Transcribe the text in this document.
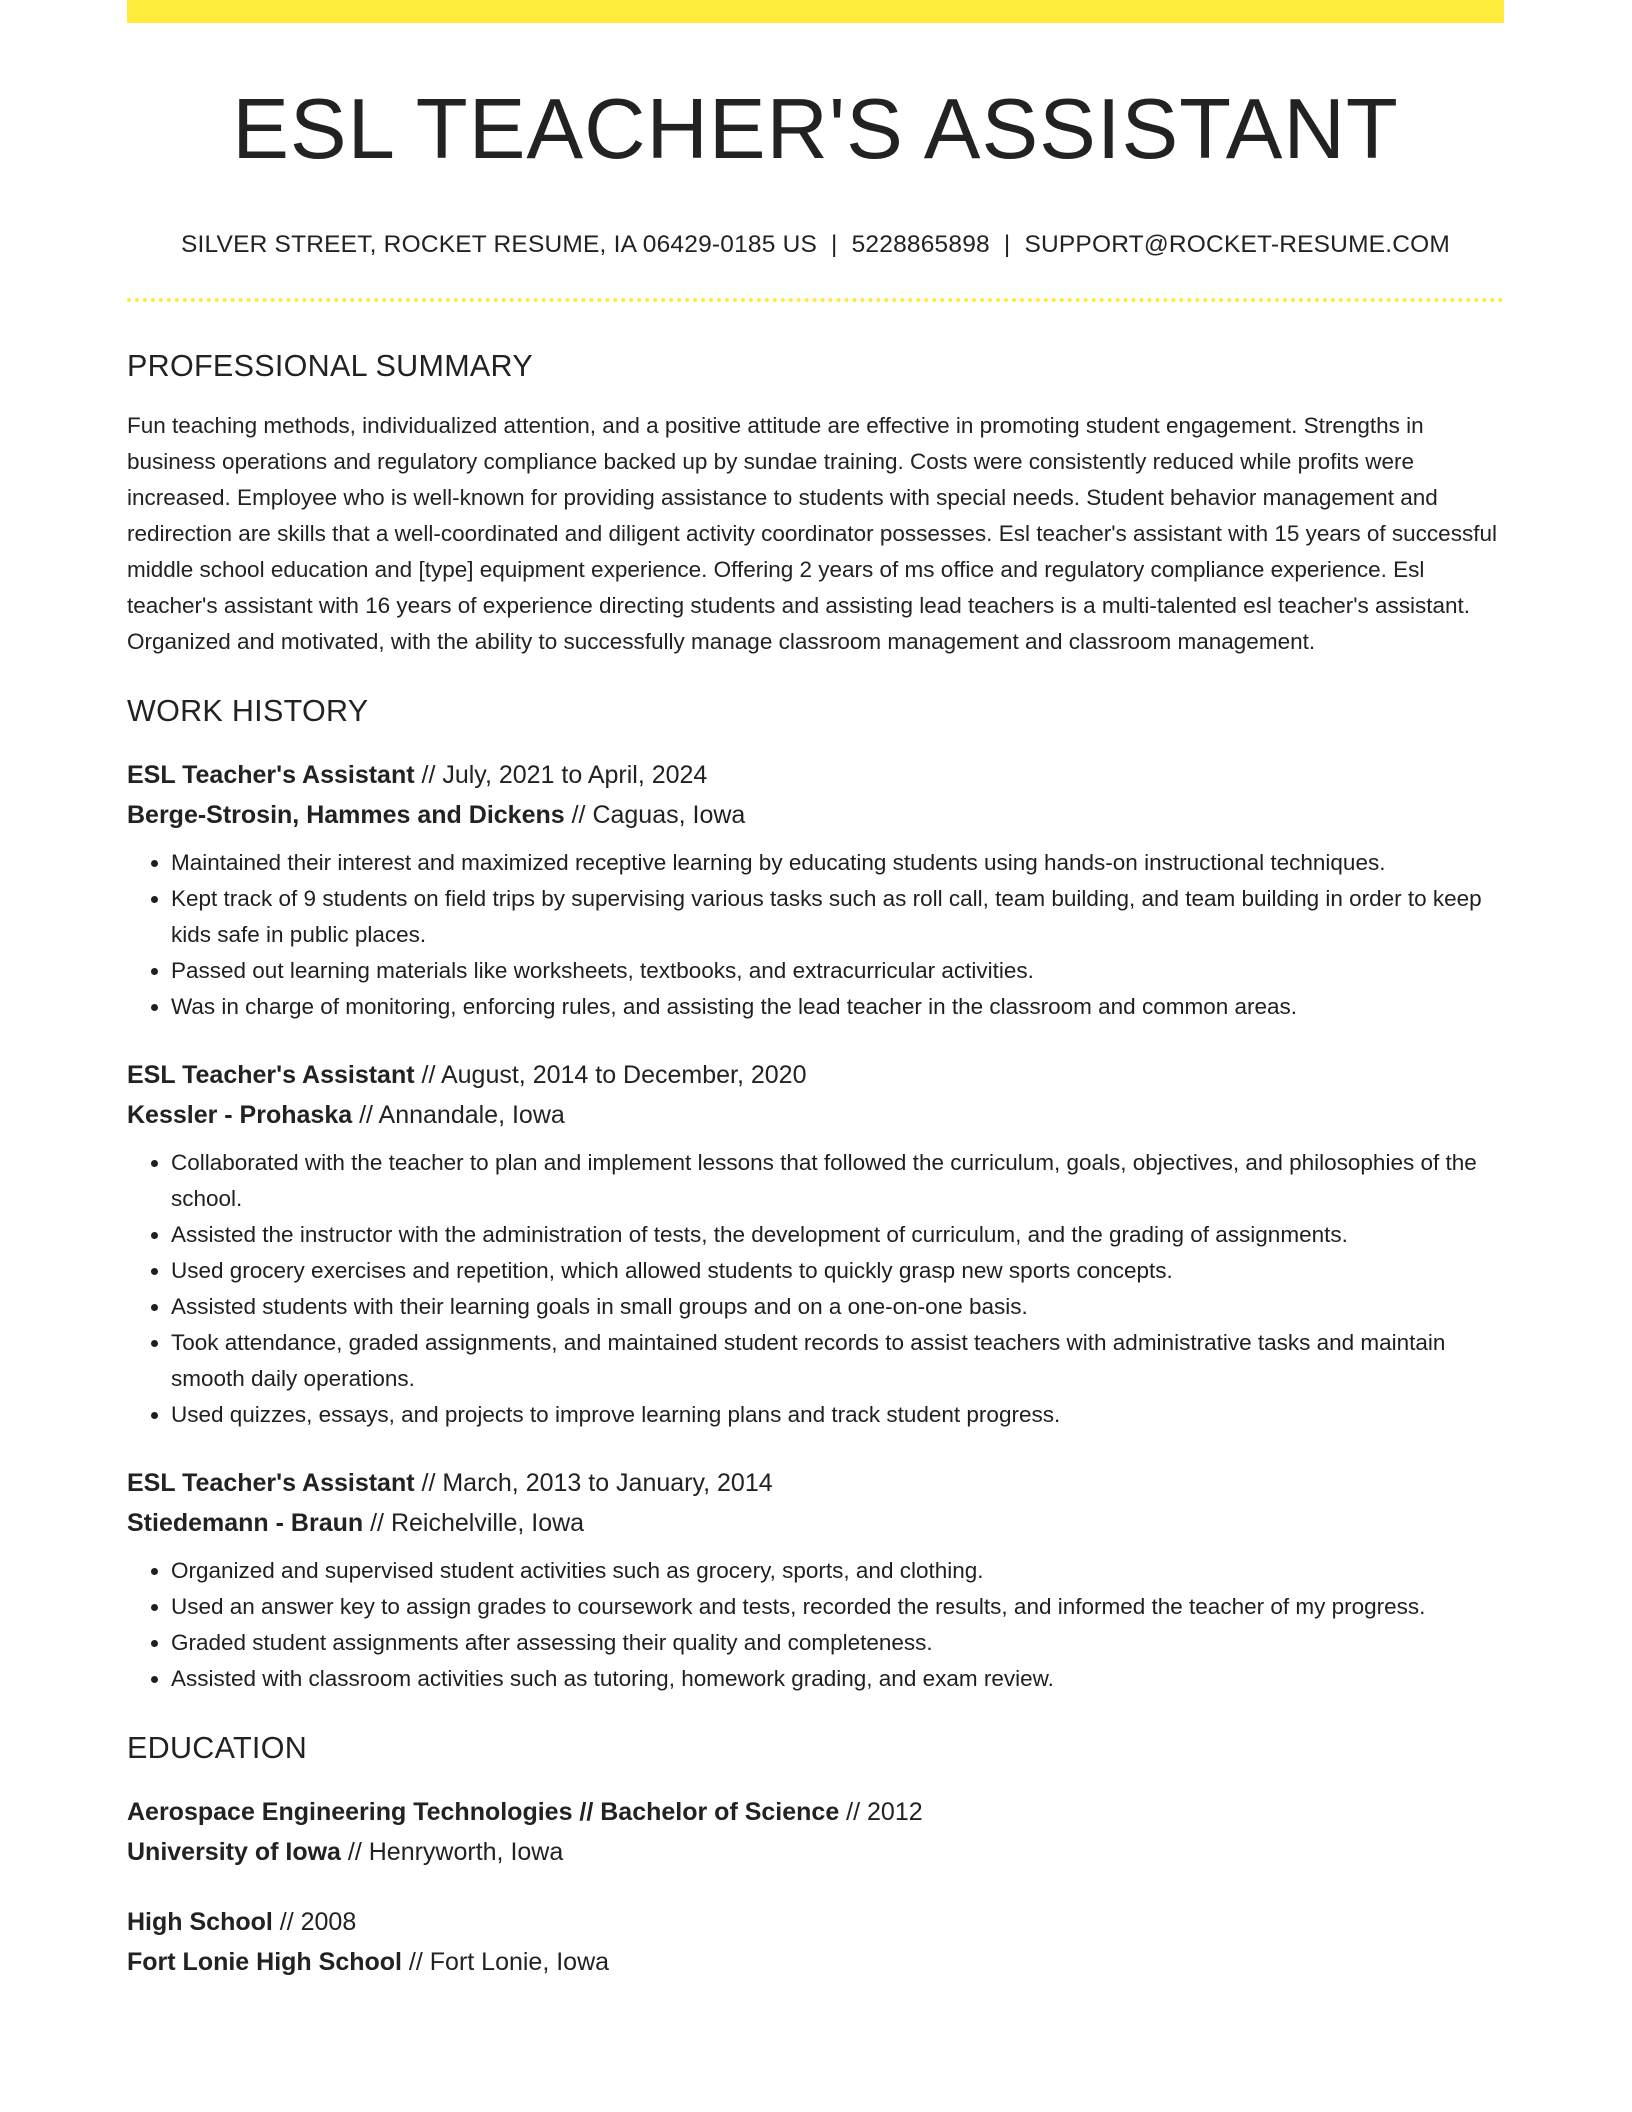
ESL TEACHER'S ASSISTANT
SILVER STREET, ROCKET RESUME, IA 06429-0185 US | 5228865898 | SUPPORT@ROCKET-RESUME.COM
PROFESSIONAL SUMMARY
Fun teaching methods, individualized attention, and a positive attitude are effective in promoting student engagement. Strengths in business operations and regulatory compliance backed up by sundae training. Costs were consistently reduced while profits were increased. Employee who is well-known for providing assistance to students with special needs. Student behavior management and redirection are skills that a well-coordinated and diligent activity coordinator possesses. Esl teacher's assistant with 15 years of successful middle school education and [type] equipment experience. Offering 2 years of ms office and regulatory compliance experience. Esl teacher's assistant with 16 years of experience directing students and assisting lead teachers is a multi-talented esl teacher's assistant. Organized and motivated, with the ability to successfully manage classroom management and classroom management.
WORK HISTORY
ESL Teacher's Assistant // July, 2021 to April, 2024
Berge-Strosin, Hammes and Dickens // Caguas, Iowa
• Maintained their interest and maximized receptive learning by educating students using hands-on instructional techniques.
• Kept track of 9 students on field trips by supervising various tasks such as roll call, team building, and team building in order to keep kids safe in public places.
• Passed out learning materials like worksheets, textbooks, and extracurricular activities.
• Was in charge of monitoring, enforcing rules, and assisting the lead teacher in the classroom and common areas.
ESL Teacher's Assistant // August, 2014 to December, 2020
Kessler - Prohaska // Annandale, Iowa
• Collaborated with the teacher to plan and implement lessons that followed the curriculum, goals, objectives, and philosophies of the school.
• Assisted the instructor with the administration of tests, the development of curriculum, and the grading of assignments.
• Used grocery exercises and repetition, which allowed students to quickly grasp new sports concepts.
• Assisted students with their learning goals in small groups and on a one-on-one basis.
• Took attendance, graded assignments, and maintained student records to assist teachers with administrative tasks and maintain smooth daily operations.
• Used quizzes, essays, and projects to improve learning plans and track student progress.
ESL Teacher's Assistant // March, 2013 to January, 2014
Stiedemann - Braun // Reichelville, Iowa
• Organized and supervised student activities such as grocery, sports, and clothing.
• Used an answer key to assign grades to coursework and tests, recorded the results, and informed the teacher of my progress.
• Graded student assignments after assessing their quality and completeness.
• Assisted with classroom activities such as tutoring, homework grading, and exam review.
EDUCATION
Aerospace Engineering Technologies // Bachelor of Science // 2012
University of Iowa // Henryworth, Iowa
High School // 2008
Fort Lonie High School // Fort Lonie, Iowa
